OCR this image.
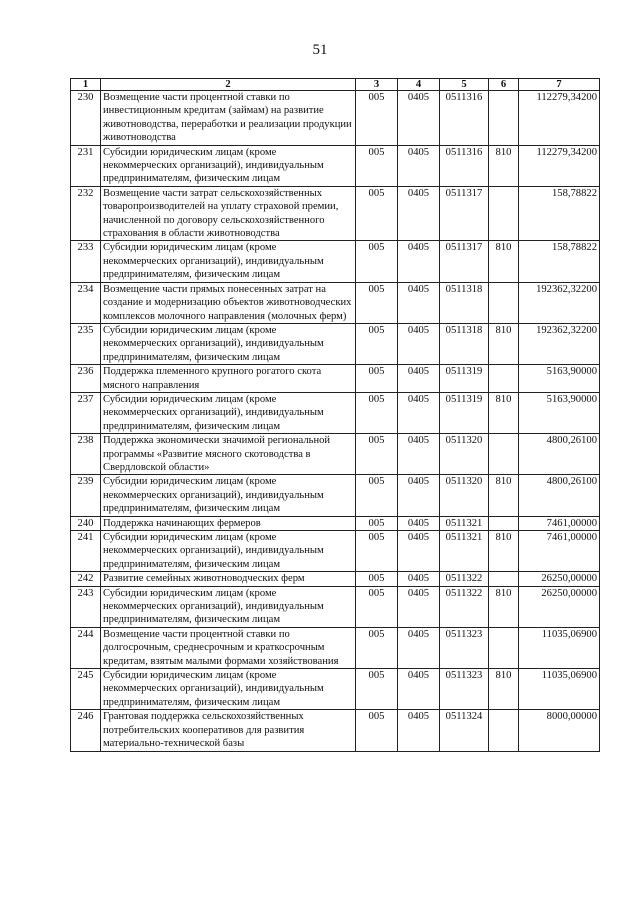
51
1	2	3	4	5	6	7
230	Возмещение части процентной ставки по инвестиционным кредитам (займам) на развитие животноводства, переработки и реализации продукции животноводства	005	0405	0511316		112279,34200
231	Субсидии юридическим лицам (кроме некоммерческих организаций), индивидуальным предпринимателям, физическим лицам	005	0405	0511316	810	112279,34200
232	Возмещение части затрат сельскохозяйственных товаропроизводителей на уплату страховой премии, начисленной по договору сельскохозяйственного страхования в области животноводства	005	0405	0511317		158,78822
233	Субсидии юридическим лицам (кроме некоммерческих организаций), индивидуальным предпринимателям, физическим лицам	005	0405	0511317	810	158,78822
234	Возмещение части прямых понесенных затрат на создание и модернизацию объектов животноводческих комплексов молочного направления (молочных ферм)	005	0405	0511318		192362,32200
235	Субсидии юридическим лицам (кроме некоммерческих организаций), индивидуальным предпринимателям, физическим лицам	005	0405	0511318	810	192362,32200
236	Поддержка племенного крупного рогатого скота мясного направления	005	0405	0511319		5163,90000
237	Субсидии юридическим лицам (кроме некоммерческих организаций), индивидуальным предпринимателям, физическим лицам	005	0405	0511319	810	5163,90000
238	Поддержка экономически значимой региональной программы «Развитие мясного скотоводства в Свердловской области»	005	0405	0511320		4800,26100
239	Субсидии юридическим лицам (кроме некоммерческих организаций), индивидуальным предпринимателям, физическим лицам	005	0405	0511320	810	4800,26100
240	Поддержка начинающих фермеров	005	0405	0511321		7461,00000
241	Субсидии юридическим лицам (кроме некоммерческих организаций), индивидуальным предпринимателям, физическим лицам	005	0405	0511321	810	7461,00000
242	Развитие семейных животноводческих ферм	005	0405	0511322		26250,00000
243	Субсидии юридическим лицам (кроме некоммерческих организаций), индивидуальным предпринимателям, физическим лицам	005	0405	0511322	810	26250,00000
244	Возмещение части процентной ставки по долгосрочным, среднесрочным и краткосрочным кредитам, взятым малыми формами хозяйствования	005	0405	0511323		11035,06900
245	Субсидии юридическим лицам (кроме некоммерческих организаций), индивидуальным предпринимателям, физическим лицам	005	0405	0511323	810	11035,06900
246	Грантовая поддержка сельскохозяйственных потребительских кооперативов для развития материально-технической базы	005	0405	0511324		8000,00000
